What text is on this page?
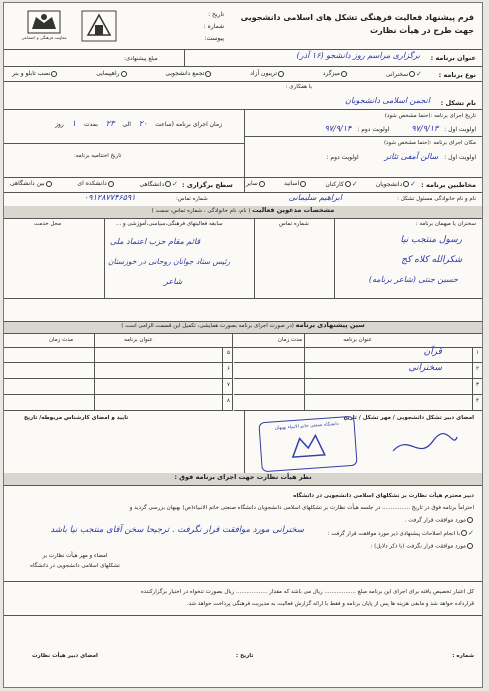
معاونت فرهنگی و اجتماعی
تاریخ :
شماره :
پیوست:
فرم پیشنهاد فعالیت فرهنگی تشکل های اسلامی دانشجویی
جهت طرح در هیأت نظارت
عنوان برنامه :
برگزاری مراسم روز دانشجو (۱۶ آذر)
مبلغ پیشنهادی:
نوع برنامه :
✓سخنرانی
میزگرد
تریبون آزاد
تجمع دانشجویی
راهپیمایی
نصب تابلو و بنر
با همکاری :
نام تشکل :
انجمن اسلامی دانشجویان
زمان اجرای برنامه (ساعت ۲۰ الی ۲۳ بمدت ۱ روز
تاریخ اجرای برنامه :(حتما مشخص شود)
اولویت اول : ۹۷/۹/۱۳ اولویت دوم : ۹۷/۹/۱۴
مکان اجرای برنامه :(حتما مشخص شود)
اولویت اول : سالن آمفی تئاتر اولویت دوم :
تاریخ اختتامیه برنامه:
مخاطبین برنامه :
✓دانشجویان
✓کارکنان
اساتید
سایر
سطح برگزاری :
✓دانشگاهی
دانشکده ای
بین دانشگاهی
نام و نام خانوادگی مسئول تشکل :
ابراهیم سلیمانی
شماره تماس:
۰۹۱۲۸۷۷۴۶۵۹۱
مشخصات مدعوین فعالیت ( نام، نام خانوادگی ، شماره تماس، سمت )
سخنران یا میهمان برنامه :
شماره تماس
سابقه فعالیتهای فرهنگی،سیاسی،آموزشی و ...
محل خدمت
رسول منتجب نیا
قائم مقام حزب اعتماد ملی
شکرالله کلاه کج
رئیس ستاد جوانان روحانی در خوزستان
حسین جنتی (شاعر برنامه)
شاعر
سین پیشنهادی برنامه (در صورت اجرای برنامه بصورت همایشی، تکمیل این قسمت الزامی است )
عنوان برنامه
مدت زمان
عنوان برنامه
مدت زمان
۱
قرآن
۲
سخنرانی
۳
۴
۵
۶
۷
۸
امضای دبیر تشکل دانشجویی / مهر تشکل / تاریخ
تایید و امضای کارشناس مربوطه/ تاریخ
دانشگاه صنعتی خاتم الانبیاء بهبهان
نظر هیأت نظارت جهت اجرای برنامه فوق :
دبیر محترم هیأت نظارت بر تشکلهای اسلامی دانشجویی در دانشگاه
احتراماً برنامه فوق در تاریخ ................ در جلسه هیأت نظارت بر تشکلهای اسلامی دانشجویان دانشگاه صنعتی خاتم الانبیاء(ص) بهبهان بررسی گردید و
مورد موافقت قرار گرفت .
✓با انجام اصلاحات پیشنهادی ذیر مورد موافقت قرار گرفت :
سخنرانی مورد موافقت قرار نگرفت . ترجیحا سخن آقای منتجب نیا باشد
مورد موافقت قرار نگرفت (با ذکر دلایل) :
امضاء و مهر هیأت نظارت بر
تشکلهای اسلامی دانشجویی در دانشگاه
کل اعتبار تخصیص یافته برای اجرای این برنامه مبلغ .................. ریال می باشد که مقدار .................. ریال بصورت تنخواه در اختیار برگزارکننده
قرارداده خواهد شد و مابقی هزینه ها پس از پایان برنامه و فقط با ارائه گزارش فعالیت به مدیریت فرهنگی پرداخت خواهد شد.
امضای دبیر هیأت نظارت	تاریخ :	شماره :
